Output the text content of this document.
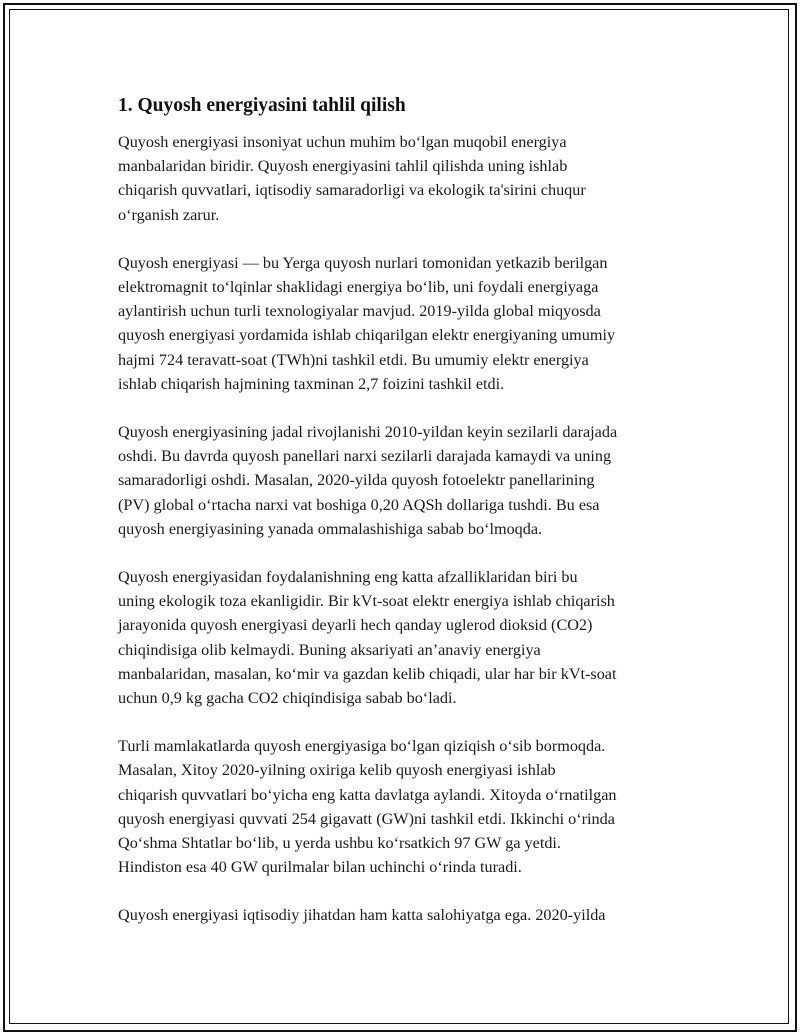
1. Quyosh energiyasini tahlil qilish

Quyosh energiyasi insoniyat uchun muhim bo‘lgan muqobil energiya
manbalaridan biridir. Quyosh energiyasini tahlil qilishda uning ishlab
chiqarish quvvatlari, iqtisodiy samaradorligi va ekologik ta'sirini chuqur
o‘rganish zarur.

Quyosh energiyasi — bu Yerga quyosh nurlari tomonidan yetkazib berilgan
elektromagnit to‘lqinlar shaklidagi energiya bo‘lib, uni foydali energiyaga
aylantirish uchun turli texnologiyalar mavjud. 2019-yilda global miqyosda
quyosh energiyasi yordamida ishlab chiqarilgan elektr energiyaning umumiy
hajmi 724 teravatt-soat (TWh)ni tashkil etdi. Bu umumiy elektr energiya
ishlab chiqarish hajmining taxminan 2,7 foizini tashkil etdi.

Quyosh energiyasining jadal rivojlanishi 2010-yildan keyin sezilarli darajada
oshdi. Bu davrda quyosh panellari narxi sezilarli darajada kamaydi va uning
samaradorligi oshdi. Masalan, 2020-yilda quyosh fotoelektr panellarining
(PV) global o‘rtacha narxi vat boshiga 0,20 AQSh dollariga tushdi. Bu esa
quyosh energiyasining yanada ommalashishiga sabab bo‘lmoqda.

Quyosh energiyasidan foydalanishning eng katta afzalliklaridan biri bu
uning ekologik toza ekanligidir. Bir kVt-soat elektr energiya ishlab chiqarish
jarayonida quyosh energiyasi deyarli hech qanday uglerod dioksid (CO2)
chiqindisiga olib kelmaydi. Buning aksariyati an’anaviy energiya
manbalaridan, masalan, ko‘mir va gazdan kelib chiqadi, ular har bir kVt-soat
uchun 0,9 kg gacha CO2 chiqindisiga sabab bo‘ladi.

Turli mamlakatlarda quyosh energiyasiga bo‘lgan qiziqish o‘sib bormoqda.
Masalan, Xitoy 2020-yilning oxiriga kelib quyosh energiyasi ishlab
chiqarish quvvatlari bo‘yicha eng katta davlatga aylandi. Xitoyda o‘rnatilgan
quyosh energiyasi quvvati 254 gigavatt (GW)ni tashkil etdi. Ikkinchi o‘rinda
Qo‘shma Shtatlar bo‘lib, u yerda ushbu ko‘rsatkich 97 GW ga yetdi.
Hindiston esa 40 GW qurilmalar bilan uchinchi o‘rinda turadi.

Quyosh energiyasi iqtisodiy jihatdan ham katta salohiyatga ega. 2020-yilda
